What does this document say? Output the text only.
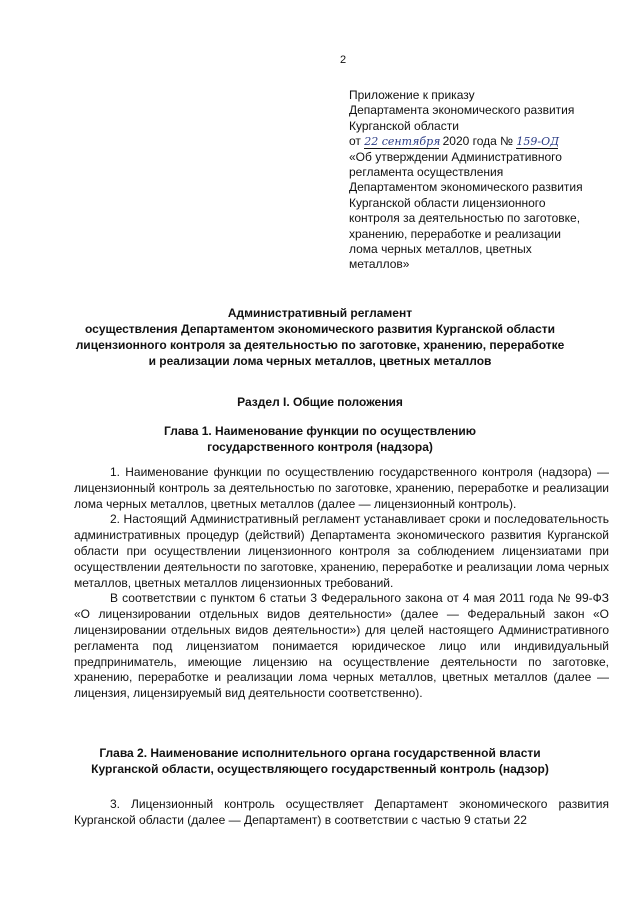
2
Приложение к приказу
Департамента экономического развития
Курганской области
от 22 сентября 2020 года № 159-ОД
«Об утверждении Административного
регламента осуществления
Департаментом экономического развития
Курганской области лицензионного
контроля за деятельностью по заготовке,
хранению, переработке и реализации
лома черных металлов, цветных
металлов»
Административный регламент
осуществления Департаментом экономического развития Курганской области
лицензионного контроля за деятельностью по заготовке, хранению, переработке
и реализации лома черных металлов, цветных металлов
Раздел I. Общие положения
Глава 1. Наименование функции по осуществлению
государственного контроля (надзора)

1. Наименование функции по осуществлению государственного контроля (надзора) — лицензионный контроль за деятельностью по заготовке, хранению, переработке и реализации лома черных металлов, цветных металлов (далее — лицензионный контроль).

2. Настоящий Административный регламент устанавливает сроки и последовательность административных процедур (действий) Департамента экономического развития Курганской области при осуществлении лицензионного контроля за соблюдением лицензиатами при осуществлении деятельности по заготовке, хранению, переработке и реализации лома черных металлов, цветных металлов лицензионных требований.

В соответствии с пунктом 6 статьи 3 Федерального закона от 4 мая 2011 года № 99-ФЗ «О лицензировании отдельных видов деятельности» (далее — Федеральный закон «О лицензировании отдельных видов деятельности») для целей настоящего Административного регламента под лицензиатом понимается юридическое лицо или индивидуальный предприниматель, имеющие лицензию на осуществление деятельности по заготовке, хранению, переработке и реализации лома черных металлов, цветных металлов (далее — лицензия, лицензируемый вид деятельности соответственно).

Глава 2. Наименование исполнительного органа государственной власти
Курганской области, осуществляющего государственный контроль (надзор)

3. Лицензионный контроль осуществляет Департамент экономического развития Курганской области (далее — Департамент) в соответствии с частью 9 статьи 22
